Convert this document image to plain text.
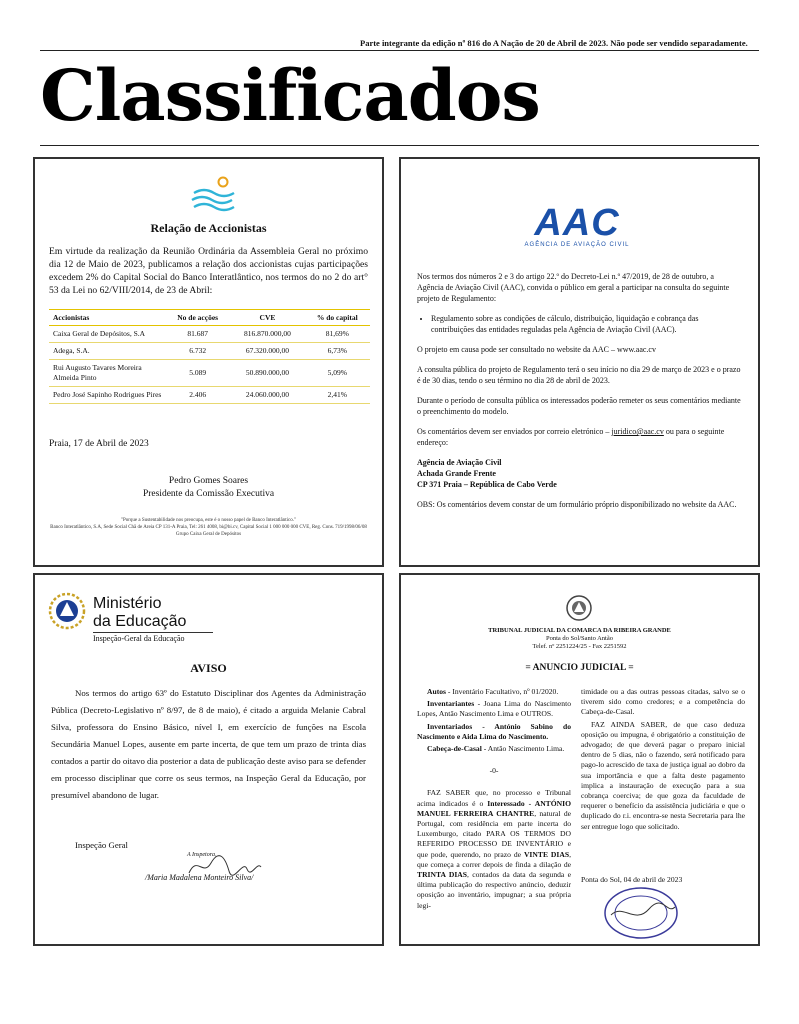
Parte integrante da edição nº 816 do A Nação de 20 de Abril de 2023. Não pode ser vendido separadamente.
Classificados
Relação de Accionistas
Em virtude da realização da Reunião Ordinária da Assembleia Geral no próximo dia 12 de Maio de 2023, publicamos a relação dos accionistas cujas participações excedem 2% do Capital Social do Banco Interatlântico, nos termos do no 2 do art° 53 da Lei no 62/VIII/2014, de 23 de Abril:
Accionistas	No de acções	CVE	% do capital
Caixa Geral de Depósitos, S.A	81.687	816.870.000,00	81,69%
Adega, S.A.	6.732	67.320.000,00	6,73%
Rui Augusto Tavares Moreira Almeida Pinto	5.089	50.890.000,00	5,09%
Pedro José Sapinho Rodrigues Pires	2.406	24.060.000,00	2,41%
Praia, 17 de Abril de 2023
Pedro Gomes Soares
Presidente da Comissão Executiva
"Porque a Sustentabilidade nos preocupa, este é o nosso papel de Banco Interatlântico."
Banco Interatlântico, S.A, Sede Social Chã de Areia CP 131-A Praia, Tel: 261 4008, bi@bi.cv, Capital Social 1 000 000 000 CVE, Reg. Cons. 719/1998/06/08
Grupo Caixa Geral de Depósitos
AAC
AGÊNCIA DE AVIAÇÃO CIVIL

Nos termos dos números 2 e 3 do artigo 22.º do Decreto-Lei n.º 47/2019, de 28 de outubro, a Agência de Aviação Civil (AAC), convida o público em geral a participar na consulta do seguinte projeto de Regulamento:

• Regulamento sobre as condições de cálculo, distribuição, liquidação e cobrança das contribuições das entidades reguladas pela Agência de Aviação Civil (AAC).

O projeto em causa pode ser consultado no website da AAC – www.aac.cv

A consulta pública do projeto de Regulamento terá o seu início no dia 29 de março de 2023 e o prazo é de 30 dias, tendo o seu término no dia 28 de abril de 2023.

Durante o período de consulta pública os interessados poderão remeter os seus comentários mediante o preenchimento do modelo.

Os comentários devem ser enviados por correio eletrónico – juridico@aac.cv ou para o seguinte endereço:

Agência de Aviação Civil
Achada Grande Frente
CP 371 Praia – República de Cabo Verde

OBS: Os comentários devem constar de um formulário próprio disponibilizado no website da AAC.

Ministério
da Educação
Inspeção-Geral da Educação
AVISO
Nos termos do artigo 63º do Estatuto Disciplinar dos Agentes da Administração Pública (Decreto-Legislativo nº 8/97, de 8 de maio), é citado a arguida Melanie Cabral Silva, professora do Ensino Básico, nível I, em exercício de funções na Escola Secundária Manuel Lopes, ausente em parte incerta, de que tem um prazo de trinta dias contados a partir do oitavo dia posterior a data de publicação deste aviso para se defender em processo disciplinar que corre os seus termos, na Inspeção Geral da Educação, por presumível abandono de lugar.
Inspeção Geral
A Inspetora,
/Maria Madalena Monteiro Silva/
TRIBUNAL JUDICIAL DA COMARCA DA RIBEIRA GRANDE
Ponta do Sol/Santo Antão
Telef. nº 2251224/25 - Fax 2251592
= ANUNCIO JUDICIAL =

Autos - Inventário Facultativo, nº 01/2020.

Inventariantes - Joana Lima do Nascimento Lopes, Antão Nascimento Lima e OUTROS.

Inventariados - António Sabino do Nascimento e Aida Lima do Nascimento.

Cabeça-de-Casal - Antão Nascimento Lima.

-0-

FAZ SABER que, no processo e Tribunal acima indicados é o Interessado - ANTÓNIO MANUEL FERREIRA CHANTRE, natural de Portugal, com residência em parte incerta do Luxemburgo, citado PARA OS TERMOS DO REFERIDO PROCESSO DE INVENTÁRIO e que pode, querendo, no prazo de VINTE DIAS, que começa a correr depois de finda a dilação de TRINTA DIAS, contados da data da segunda e última publicação do respectivo anúncio, deduzir oposição ao inventário, impugnar; a sua própria legi-

timidade ou a das outras pessoas citadas, salvo se o tiverem sido como credores; e a competência do Cabeça-de-Casal.

FAZ AINDA SABER, de que caso deduza oposição ou impugna, é obrigatório a constituição de advogado; de que deverá pagar o preparo inicial dentro de 5 dias, não o fazendo, será notificado para pago-lo acrescido de taxa de justiça igual ao dobro da sua importância e que a falta deste pagamento implica a instauração de execução para a sua cobrança coerciva; de que goza da faculdade de requerer o benefício da assistência judiciária e que o duplicado do r.i. encontra-se nesta Secretaria para lhe ser entregue logo que solicitado.

Ponta do Sol, 04 de abril de 2023
